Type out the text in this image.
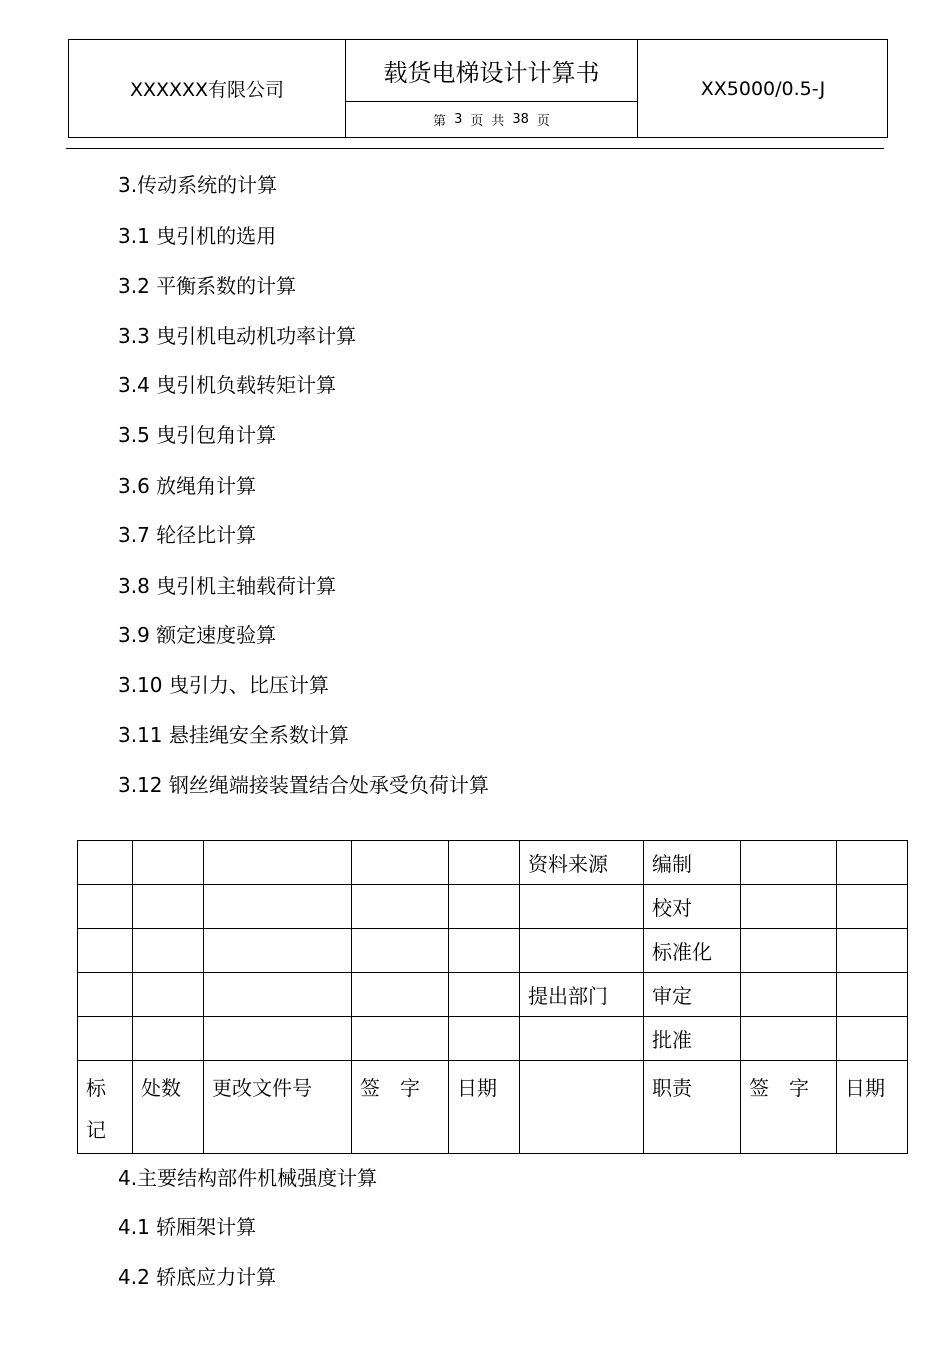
XXXXXX有限公司
载货电梯设计计算书
第 3 页 共 38 页
XX5000/0.5-J

3.传动系统的计算

3.1 曳引机的选用

3.2 平衡系数的计算

3.3 曳引机电动机功率计算

3.4 曳引机负载转矩计算

3.5 曳引包角计算

3.6 放绳角计算

3.7 轮径比计算

3.8 曳引机主轴载荷计算

3.9 额定速度验算

3.10 曳引力、比压计算

3.11 悬挂绳安全系数计算

3.12 钢丝绳端接装置结合处承受负荷计算

					资料来源	编制		
						校对		
						标准化		
					提出部门	审定		
						批准		
标记	处数	更改文件号	签　字	日期		职责	签　字	日期

4.主要结构部件机械强度计算

4.1 轿厢架计算

4.2 轿底应力计算
